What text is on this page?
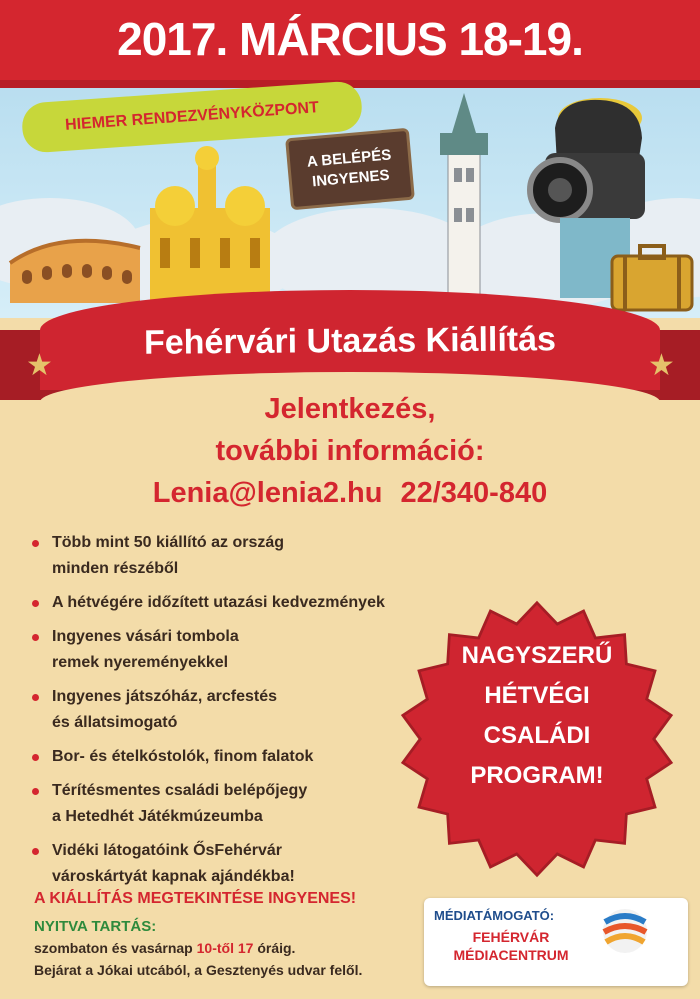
2017. MÁRCIUS 18-19.
HIEMER RENDEZVÉNYKÖZPONT
A BELÉPÉS
INGYENES
★	★
Fehérvári Utazás Kiállítás
Jelentkezés,
további információ:
Lenia@lenia2.hu 22/340-840
Több mint 50 kiállító az ország
minden részéből
A hétvégére időzített utazási kedvezmények
Ingyenes vásári tombola
remek nyereményekkel
Ingyenes játszóház, arcfestés
és állatsimogató
Bor- és ételkóstolók, finom falatok
Térítésmentes családi belépőjegy
a Hetedhét Játékmúzeumba
Vidéki látogatóink ŐsFehérvár
városkártyát kapnak ajándékba!
NAGYSZERŰ
HÉTVÉGI
CSALÁDI
PROGRAM!
A KIÁLLÍTÁS MEGTEKINTÉSE INGYENES!
NYITVA TARTÁS:
szombaton és vasárnap 10-től 17 óráig.
Bejárat a Jókai utcából, a Gesztenyés udvar felől.
MÉDIATÁMOGATÓ:
FEHÉRVÁR
MÉDIACENTRUM
